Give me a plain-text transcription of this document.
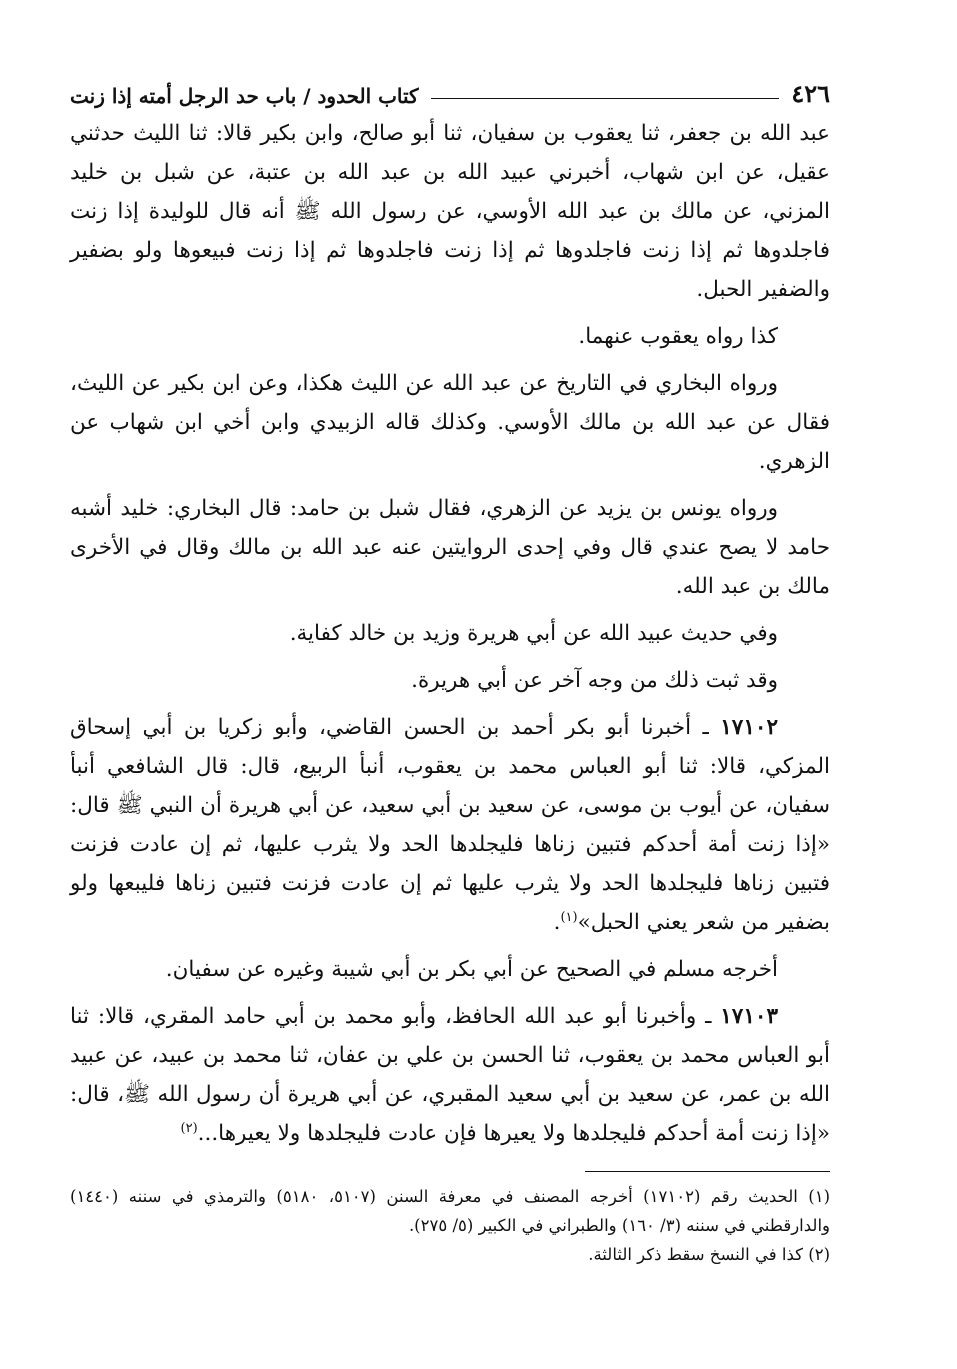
٤٢٦
كتاب الحدود / باب حد الرجل أمته إذا زنت

عبد الله بن جعفر، ثنا يعقوب بن سفيان، ثنا أبو صالح، وابن بكير قالا: ثنا الليث حدثني عقيل، عن ابن شهاب، أخبرني عبيد الله بن عبد الله بن عتبة، عن شبل بن خليد المزني، عن مالك بن عبد الله الأوسي، عن رسول الله ﷺ أنه قال للوليدة إذا زنت فاجلدوها ثم إذا زنت فاجلدوها ثم إذا زنت فاجلدوها ثم إذا زنت فبيعوها ولو بضفير والضفير الحبل.

كذا رواه يعقوب عنهما.

ورواه البخاري في التاريخ عن عبد الله عن الليث هكذا، وعن ابن بكير عن الليث، فقال عن عبد الله بن مالك الأوسي. وكذلك قاله الزبيدي وابن أخي ابن شهاب عن الزهري.

ورواه يونس بن يزيد عن الزهري، فقال شبل بن حامد: قال البخاري: خليد أشبه حامد لا يصح عندي قال وفي إحدى الروايتين عنه عبد الله بن مالك وقال في الأخرى مالك بن عبد الله.

وفي حديث عبيد الله عن أبي هريرة وزيد بن خالد كفاية.

وقد ثبت ذلك من وجه آخر عن أبي هريرة.

١٧١٠٢ ـ أخبرنا أبو بكر أحمد بن الحسن القاضي، وأبو زكريا بن أبي إسحاق المزكي، قالا: ثنا أبو العباس محمد بن يعقوب، أنبأ الربيع، قال: قال الشافعي أنبأ سفيان، عن أيوب بن موسى، عن سعيد بن أبي سعيد، عن أبي هريرة أن النبي ﷺ قال: «إذا زنت أمة أحدكم فتبين زناها فليجلدها الحد ولا يثرب عليها، ثم إن عادت فزنت فتبين زناها فليجلدها الحد ولا يثرب عليها ثم إن عادت فزنت فتبين زناها فليبعها ولو بضفير من شعر يعني الحبل»$^{(١)}$.

أخرجه مسلم في الصحيح عن أبي بكر بن أبي شيبة وغيره عن سفيان.

١٧١٠٣ ـ وأخبرنا أبو عبد الله الحافظ، وأبو محمد بن أبي حامد المقري، قالا: ثنا أبو العباس محمد بن يعقوب، ثنا الحسن بن علي بن عفان، ثنا محمد بن عبيد، عن عبيد الله بن عمر، عن سعيد بن أبي سعيد المقبري، عن أبي هريرة أن رسول الله ﷺ، قال: «إذا زنت أمة أحدكم فليجلدها ولا يعيرها فإن عادت فليجلدها ولا يعيرها...$^{(٢)}$

(١) الحديث رقم (١٧١٠٢) أخرجه المصنف في معرفة السنن (٥١٠٧، ٥١٨٠) والترمذي في سننه (١٤٤٠) والدارقطني في سننه (٣/ ١٦٠) والطبراني في الكبير (٥/ ٢٧٥).

(٢) كذا في النسخ سقط ذكر الثالثة.
